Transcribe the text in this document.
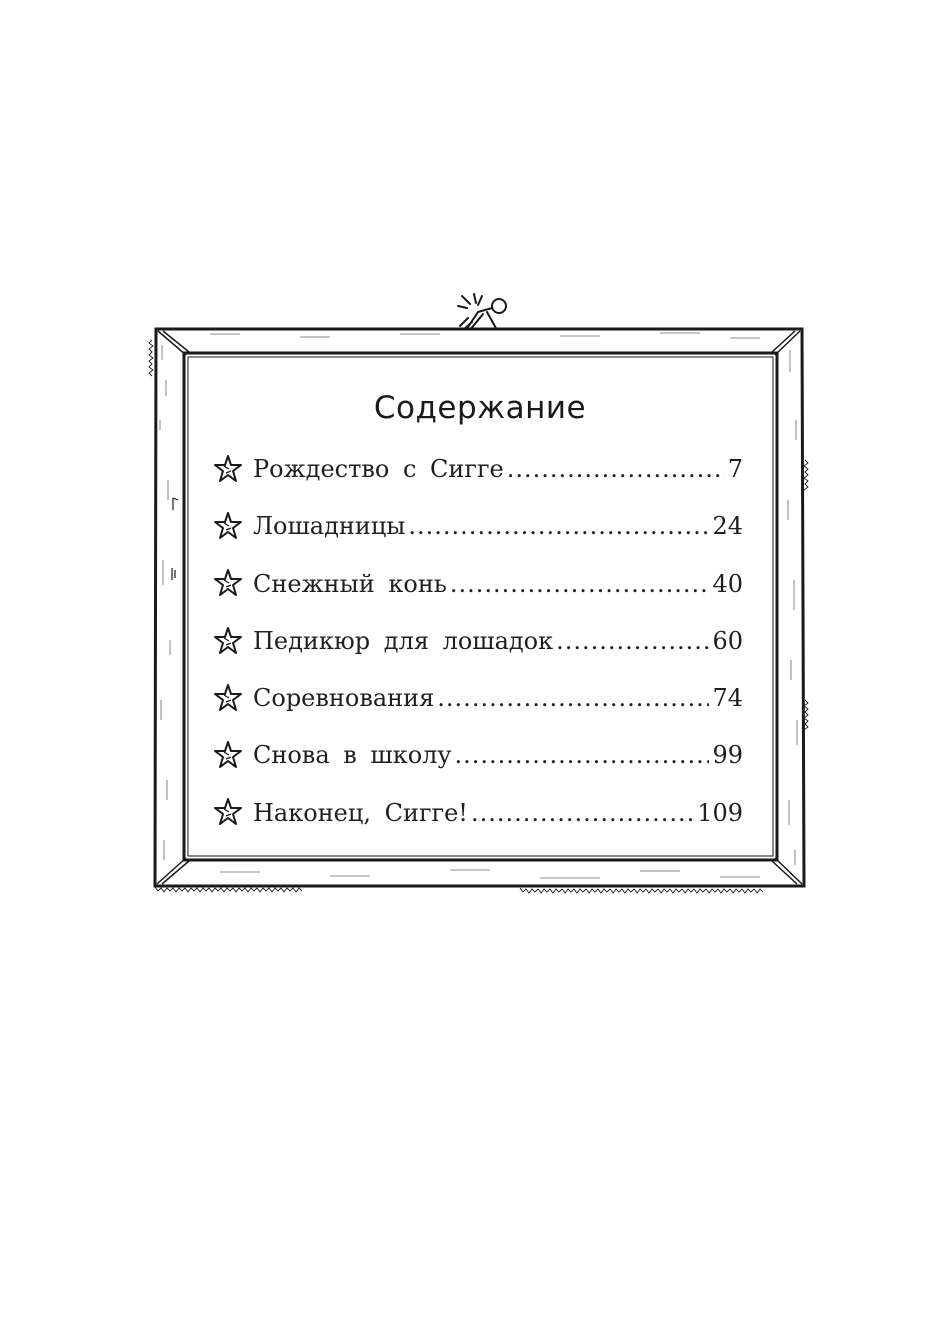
Содержание
Рождество с Сигге .....	7
Лошадницы .....	24
Снежный конь .....	40
Педикюр для лошадок .....	60
Соревнования .....	74
Снова в школу .....	99
Наконец, Сигге! .....	109
